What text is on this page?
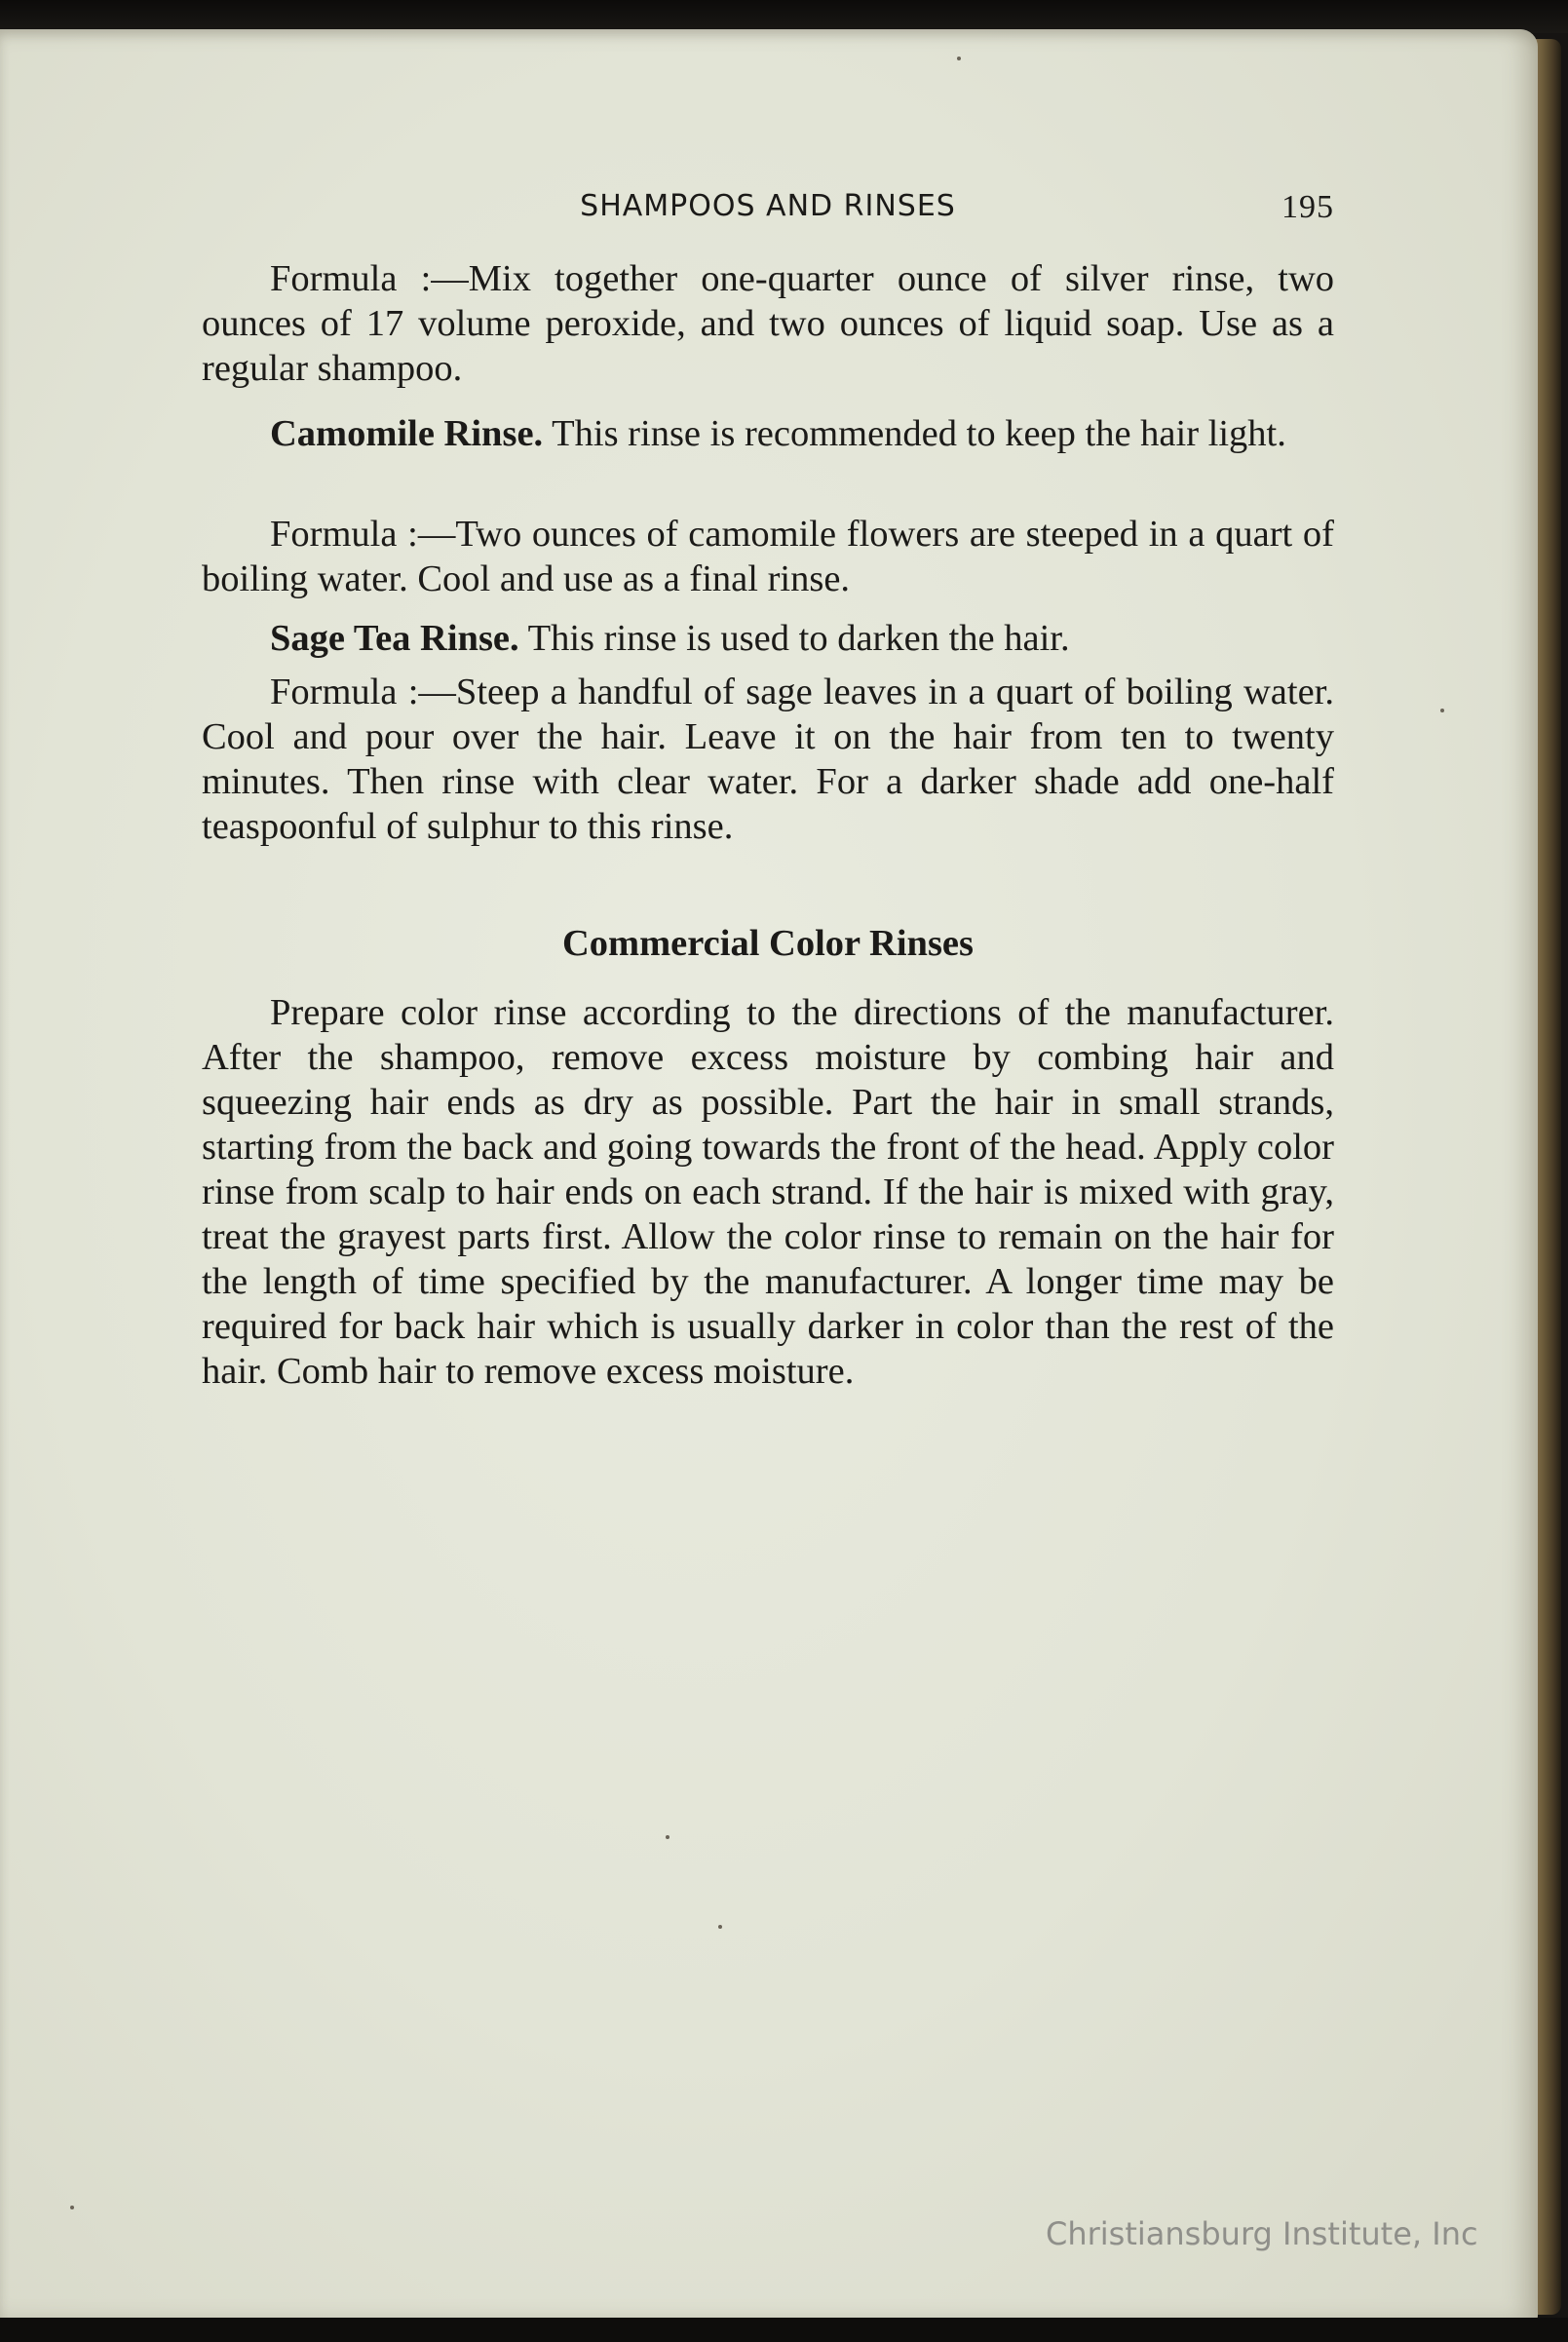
SHAMPOOS AND RINSES	195

Formula :—Mix together one-quarter ounce of silver rinse, two ounces of 17 volume peroxide, and two ounces of liquid soap. Use as a regular shampoo.

Camomile Rinse. This rinse is recommended to keep the hair light.

Formula :—Two ounces of camomile flowers are steeped in a quart of boiling water. Cool and use as a final rinse.

Sage Tea Rinse. This rinse is used to darken the hair.

Formula :—Steep a handful of sage leaves in a quart of boiling water. Cool and pour over the hair. Leave it on the hair from ten to twenty minutes. Then rinse with clear water. For a darker shade add one-half teaspoonful of sulphur to this rinse.

Commercial Color Rinses

Prepare color rinse according to the directions of the manufacturer. After the shampoo, remove excess moisture by combing hair and squeezing hair ends as dry as possible. Part the hair in small strands, starting from the back and going towards the front of the head. Apply color rinse from scalp to hair ends on each strand. If the hair is mixed with gray, treat the grayest parts first. Allow the color rinse to remain on the hair for the length of time specified by the manufacturer. A longer time may be required for back hair which is usually darker in color than the rest of the hair. Comb hair to remove excess moisture.

Christiansburg Institute, Inc
